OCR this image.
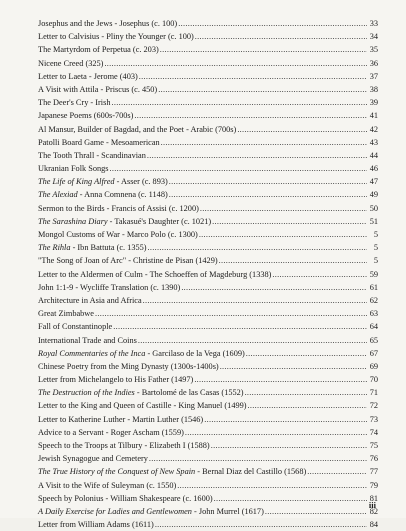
Josephus and the Jews - Josephus (c. 100) .....	33
Letter to Calvisius - Pliny the Younger (c. 100) .....	34
The Martyrdom of Perpetua (c. 203) .....	35
Nicene Creed (325) .....	36
Letter to Laeta - Jerome (403) .....	37
A Visit with Attila - Priscus (c. 450) .....	38
The Deer's Cry - Irish .....	39
Japanese Poems (600s-700s) .....	41
Al Mansur, Builder of Bagdad, and the Poet - Arabic (700s) .....	42
Patolli Board Game - Mesoamerican .....	43
The Tooth Thrall - Scandinavian .....	44
Ukranian Folk Songs .....	46
The Life of King Alfred - Asser (c. 893) .....	47
The Alexiad - Anna Comnena (c. 1148) .....	49
Sermon to the Birds - Francis of Assisi (c. 1200) .....	50
The Sarashina Diary - Takasué's Daughter (c. 1021) .....	51
Mongol Customs of War - Marco Polo (c. 1300) .....	5
The Rihla - Ibn Battuta (c. 1355) .....	5
"The Song of Joan of Arc" - Christine de Pisan (1429) .....	5
Letter to the Aldermen of Culm - The Schoeffen of Magdeburg (1338) .....	59
John 1:1-9 - Wycliffe Translation (c. 1390) .....	61
Architecture in Asia and Africa .....	62
Great Zimbabwe .....	63
Fall of Constantinople .....	64
International Trade and Coins .....	65
Royal Commentaries of the Inca - Garcilaso de la Vega (1609) .....	67
Chinese Poetry from the Ming Dynasty (1300s-1400s) .....	69
Letter from Michelangelo to His Father (1497) .....	70
The Destruction of the Indies - Bartolomé de las Casas (1552) .....	71
Letter to the King and Queen of Castille - King Manuel (1499) .....	72
Letter to Katherine Luther - Martin Luther (1546) .....	73
Advice to a Servant - Roger Ascham (1559) .....	74
Speech to the Troops at Tilbury - Elizabeth I (1588) .....	75
Jewish Synagogue and Cemetery .....	76
The True History of the Conquest of New Spain - Bernal Diaz del Castillo (1568) .....	77
A Visit to the Wife of Suleyman (c. 1550) .....	79
Speech by Polonius - William Shakespeare (c. 1600) .....	81
A Daily Exercise for Ladies and Gentlewomen - John Murrel (1617) .....	82
Letter from William Adams (1611) .....	84
iii
